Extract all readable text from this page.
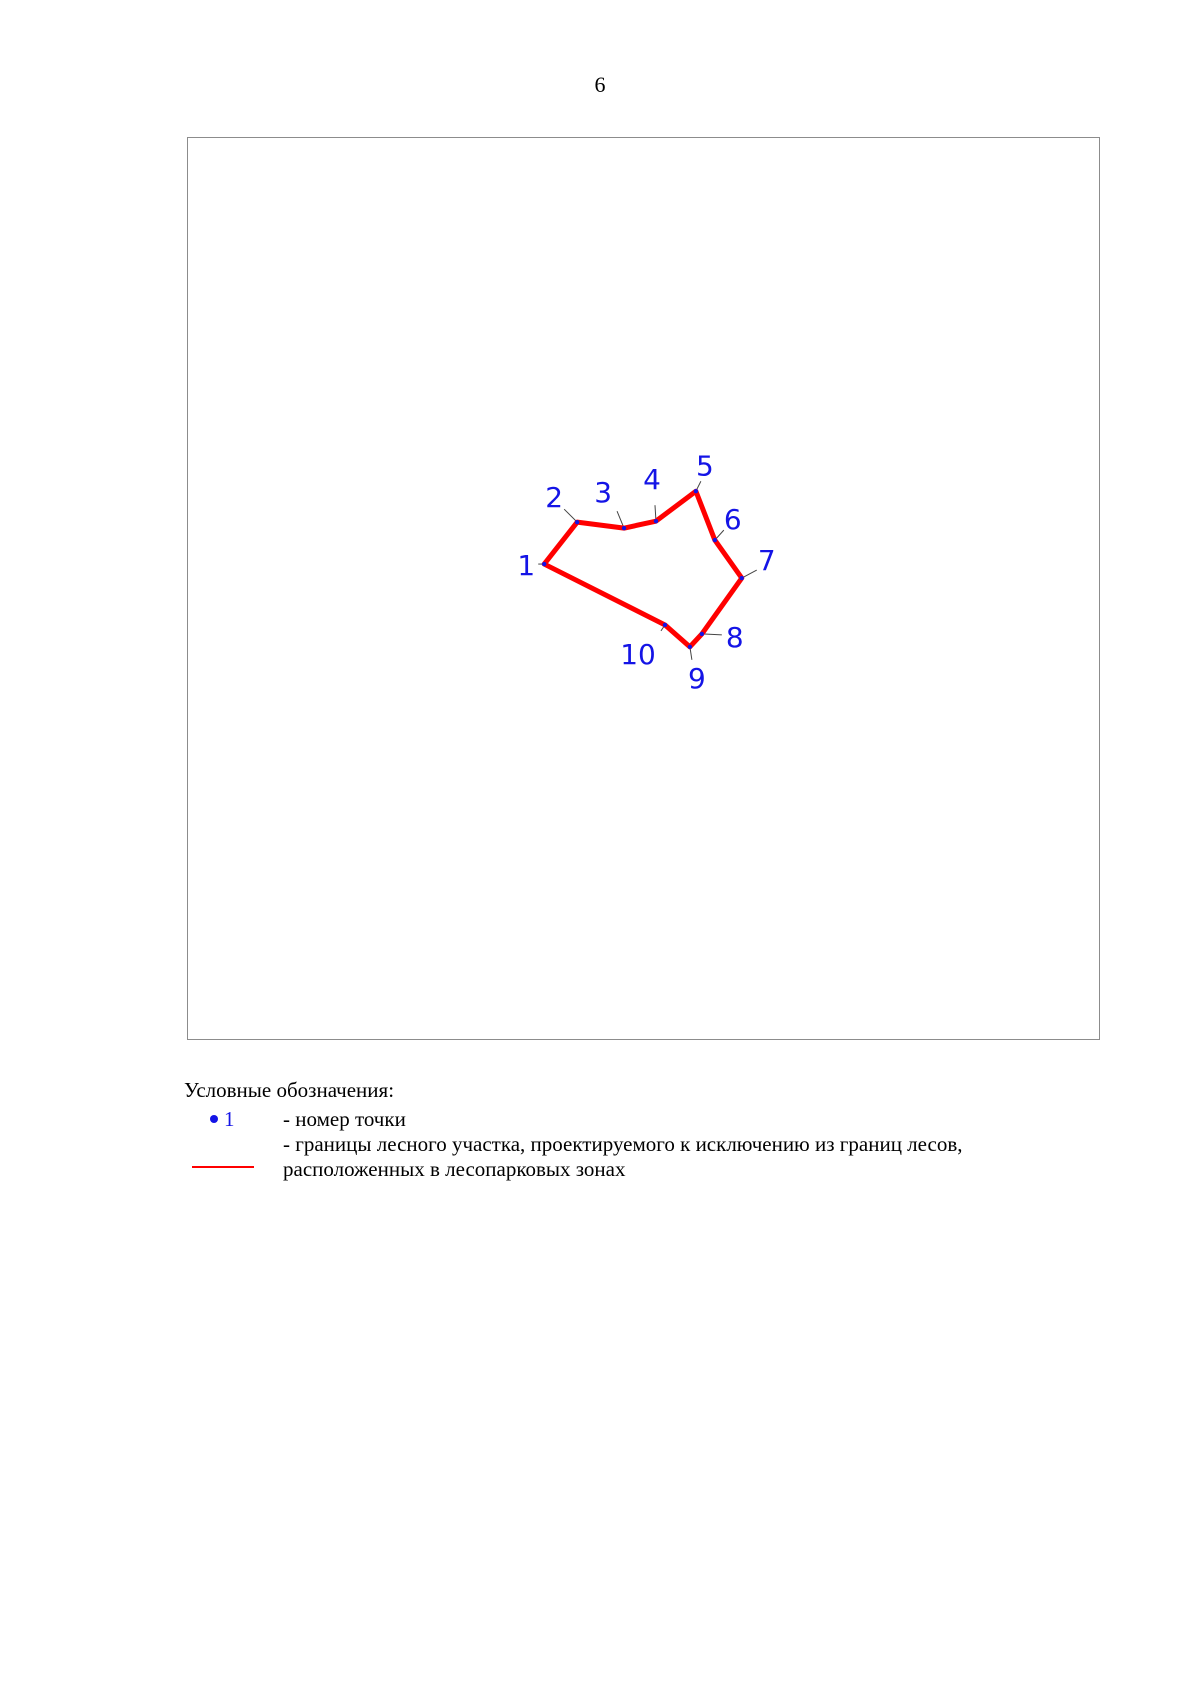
6
1
2 3 4 5
6
7
8
9
10

Условные обозначения:

1	- номер точки
- границы лесного участка, проектируемого к исключению из границ лесов, расположенных в лесопарковых зонах
